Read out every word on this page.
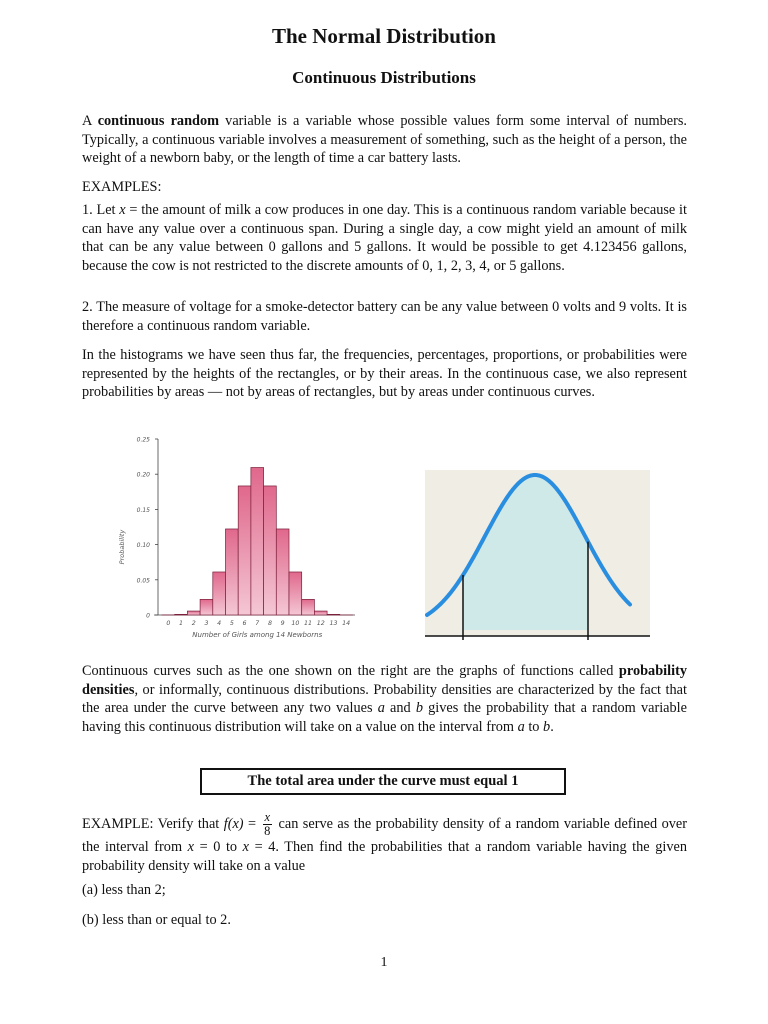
The Normal Distribution
Continuous Distributions
A continuous random variable is a variable whose possible values form some interval of numbers. Typically, a continuous variable involves a measurement of something, such as the height of a person, the weight of a newborn baby, or the length of time a car battery lasts.
EXAMPLES:
1. Let x = the amount of milk a cow produces in one day. This is a continuous random variable because it can have any value over a continuous span. During a single day, a cow might yield an amount of milk that can be any value between 0 gallons and 5 gallons. It would be possible to get 4.123456 gallons, because the cow is not restricted to the discrete amounts of 0, 1, 2, 3, 4, or 5 gallons.
2. The measure of voltage for a smoke-detector battery can be any value between 0 volts and 9 volts. It is therefore a continuous random variable.
In the histograms we have seen thus far, the frequencies, percentages, proportions, or probabilities were represented by the heights of the rectangles, or by their areas. In the continuous case, we also represent probabilities by areas — not by areas of rectangles, but by areas under continuous curves.
0
0.05
0.10
0.15
0.20
0.25
0 1 2 3 4 5 6 7 8 9 10 11 12 13 14
Number of Girls among 14 Newborns
Probability
Continuous curves such as the one shown on the right are the graphs of functions called probability densities, or informally, continuous distributions. Probability densities are characterized by the fact that the area under the curve between any two values a and b gives the probability that a random variable having this continuous distribution will take on a value on the interval from a to b.
The total area under the curve must equal 1
EXAMPLE: Verify that $f(x) = \frac{x}{8}$ can serve as the probability density of a random variable defined over the interval from x = 0 to x = 4. Then find the probabilities that a random variable having the given probability density will take on a value
(a) less than 2;
(b) less than or equal to 2.
1
